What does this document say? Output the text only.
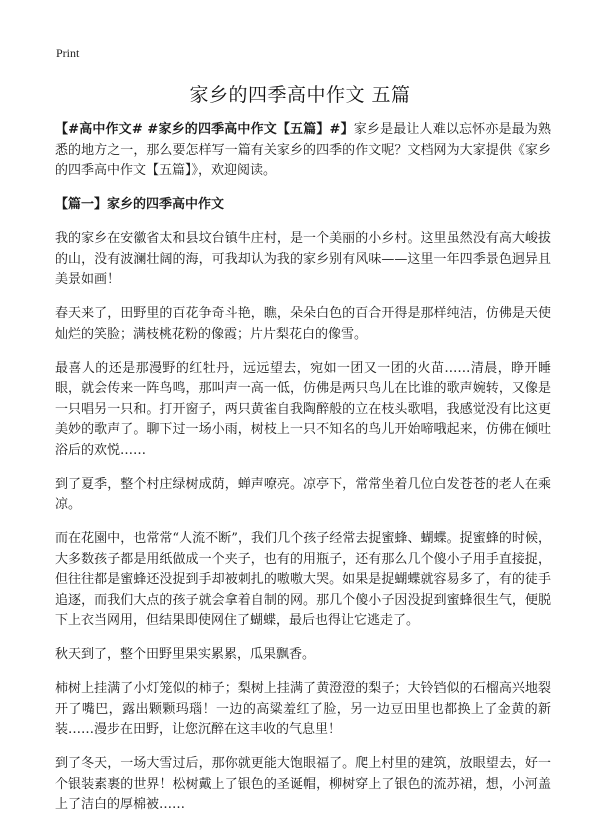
Print
家乡的四季高中作文 五篇

【#高中作文# #家乡的四季高中作文【五篇】#】家乡是最让人难以忘怀亦是最为熟悉的地方之一，那么要怎样写一篇有关家乡的四季的作文呢？文档网为大家提供《家乡的四季高中作文【五篇】》，欢迎阅读。

【篇一】家乡的四季高中作文

我的家乡在安徽省太和县坟台镇牛庄村，是一个美丽的小乡村。这里虽然没有高大峻拔的山，没有波澜壮阔的海，可我却认为我的家乡别有风味——这里一年四季景色迥异且美景如画！

春天来了，田野里的百花争奇斗艳，瞧，朵朵白色的百合开得是那样纯洁，仿佛是天使灿烂的笑脸；满枝桃花粉的像霞；片片梨花白的像雪。

最喜人的还是那漫野的红牡丹，远远望去，宛如一团又一团的火苗……清晨，睁开睡眼，就会传来一阵鸟鸣，那叫声一高一低，仿佛是两只鸟儿在比谁的歌声婉转，又像是一只唱另一只和。打开窗子，两只黄雀自我陶醉般的立在枝头歌唱，我感觉没有比这更美妙的歌声了。聊下过一场小雨，树枝上一只不知名的鸟儿开始啼哦起来，仿佛在倾吐浴后的欢悦……

到了夏季，整个村庄绿树成荫，蝉声嘹亮。凉亭下，常常坐着几位白发苍苍的老人在乘凉。

而在花園中，也常常“人流不断”，我们几个孩子经常去捉蜜蜂、蝴蝶。捉蜜蜂的时候，大多数孩子都是用纸做成一个夹子，也有的用瓶子，还有那么几个傻小子用手直接捉，但往往都是蜜蜂还没捉到手却被刺扎的嗷嗷大哭。如果是捉蝴蝶就容易多了，有的徒手追逐，而我们大点的孩子就会拿着自制的网。那几个傻小子因没捉到蜜蜂很生气，便脱下上衣当网用，但结果即使网住了蝴蝶，最后也得让它逃走了。

秋天到了，整个田野里果实累累，瓜果飘香。

柿树上挂满了小灯笼似的柿子；梨树上挂满了黄澄澄的梨子；大铃铛似的石榴高兴地裂开了嘴巴，露出颗颗玛瑙！一边的高粱羞红了脸，另一边豆田里也都换上了金黄的新装……漫步在田野，让您沉醉在这丰收的气息里！

到了冬天，一场大雪过后，那你就更能大饱眼福了。爬上村里的建筑，放眼望去，好一个银装素裹的世界！松树戴上了银色的圣诞帽，柳树穿上了银色的流苏裙，想，小河盖上了洁白的厚棉被……
